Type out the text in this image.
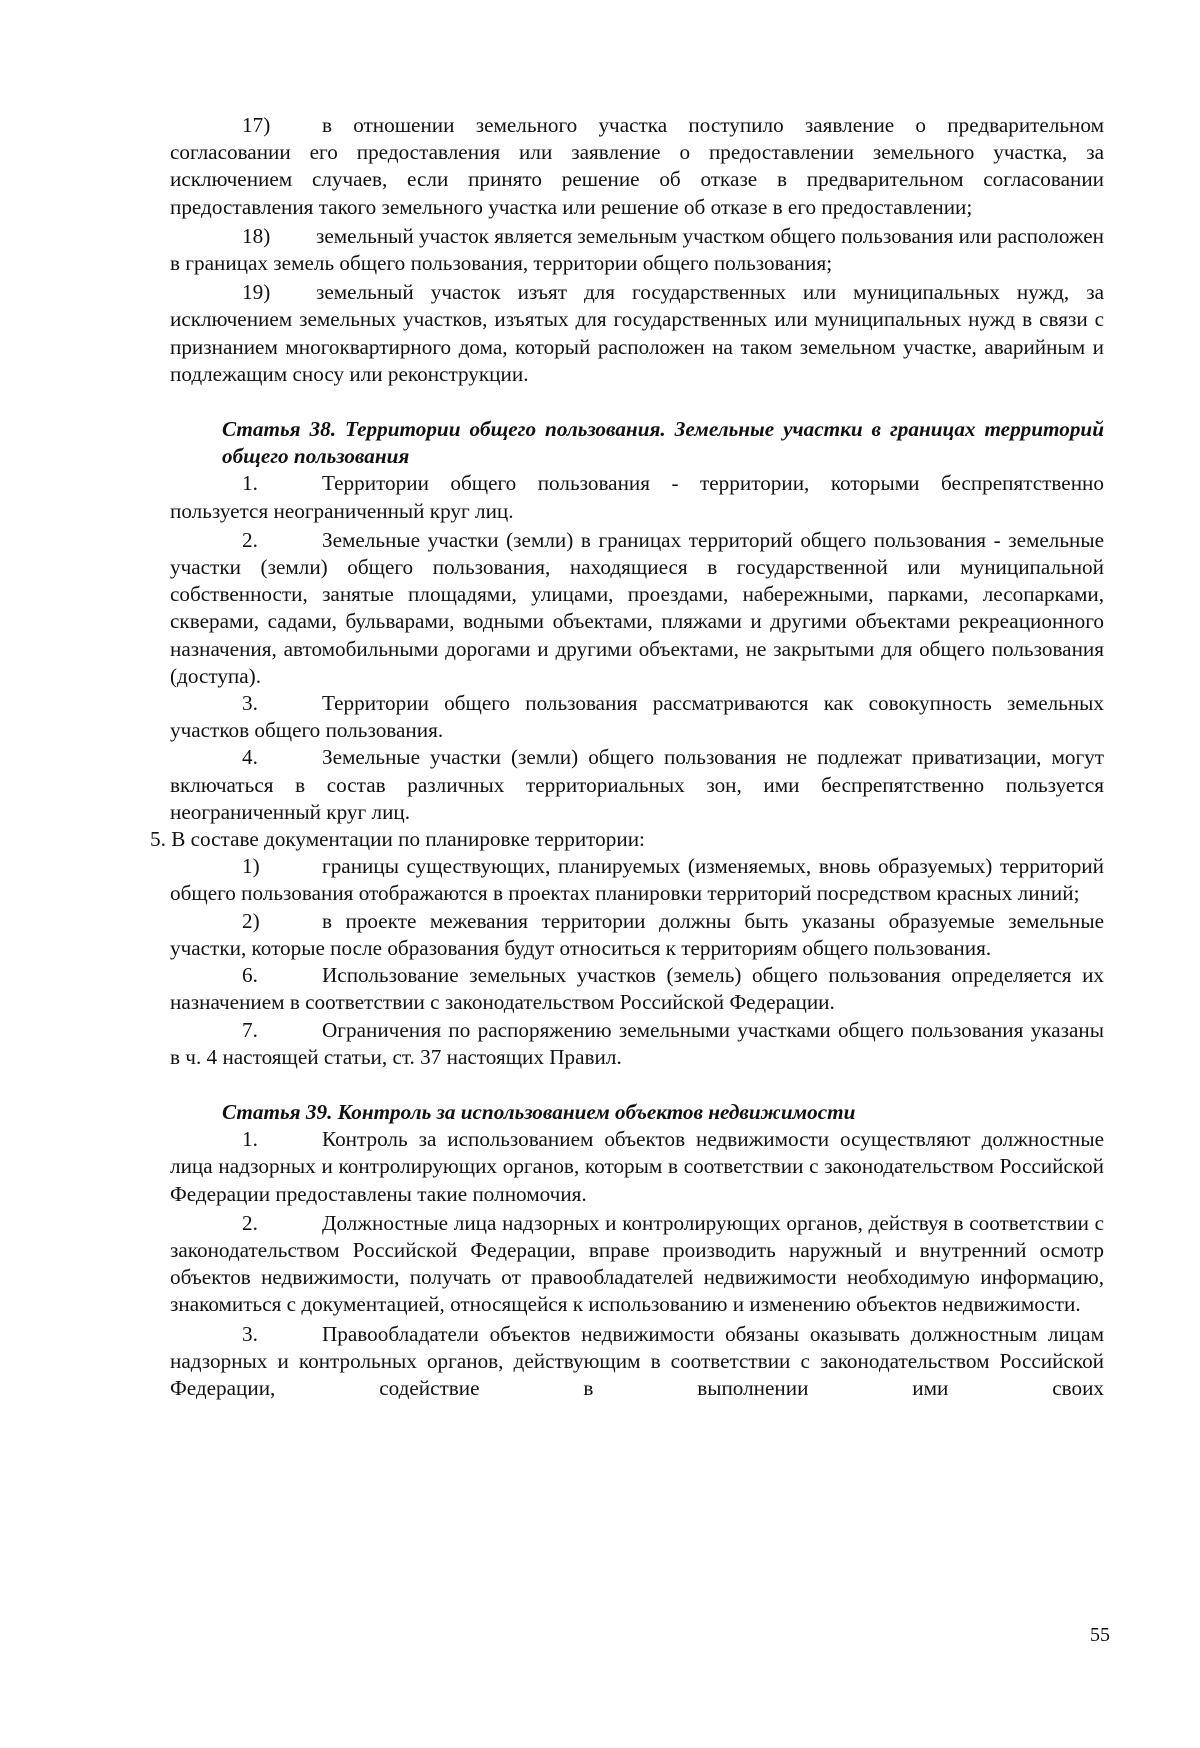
17) в отношении земельного участка поступило заявление о предварительном согласовании его предоставления или заявление о предоставлении земельного участка, за исключением случаев, если принято решение об отказе в предварительном согласовании предоставления такого земельного участка или решение об отказе в его предоставлении;

18) земельный участок является земельным участком общего пользования или расположен в границах земель общего пользования, территории общего пользования;

19) земельный участок изъят для государственных или муниципальных нужд, за исключением земельных участков, изъятых для государственных или муниципальных нужд в связи с признанием многоквартирного дома, который расположен на таком земельном участке, аварийным и подлежащим сносу или реконструкции.

Статья 38. Территории общего пользования. Земельные участки в границах территорий общего пользования

1.	Территории общего пользования - территории, которыми беспрепятственно пользуется неограниченный круг лиц.

2.	Земельные участки (земли) в границах территорий общего пользования - земельные участки (земли) общего пользования, находящиеся в государственной или муниципальной собственности, занятые площадями, улицами, проездами, набережными, парками, лесопарками, скверами, садами, бульварами, водными объектами, пляжами и другими объектами рекреационного назначения, автомобильными дорогами и другими объектами, не закрытыми для общего пользования (доступа).

3.	Территории общего пользования рассматриваются как совокупность земельных участков общего пользования.

4.	Земельные участки (земли) общего пользования не подлежат приватизации, могут включаться в состав различных территориальных зон, ими беспрепятственно пользуется неограниченный круг лиц.

5. В составе документации по планировке территории:

1)	границы существующих, планируемых (изменяемых, вновь образуемых) территорий общего пользования отображаются в проектах планировки территорий посредством красных линий;

2)	в проекте межевания территории должны быть указаны образуемые земельные участки, которые после образования будут относиться к территориям общего пользования.

6.	Использование земельных участков (земель) общего пользования определяется их назначением в соответствии с законодательством Российской Федерации.

7.	Ограничения по распоряжению земельными участками общего пользования указаны в ч. 4 настоящей статьи, ст. 37 настоящих Правил.

Статья 39. Контроль за использованием объектов недвижимости

1.	Контроль за использованием объектов недвижимости осуществляют должностные лица надзорных и контролирующих органов, которым в соответствии с законодательством Российской Федерации предоставлены такие полномочия.

2.	Должностные лица надзорных и контролирующих органов, действуя в соответствии с законодательством Российской Федерации, вправе производить наружный и внутренний осмотр объектов недвижимости, получать от правообладателей недвижимости необходимую информацию, знакомиться с документацией, относящейся к использованию и изменению объектов недвижимости.

3.	Правообладатели объектов недвижимости обязаны оказывать должностным лицам надзорных и контрольных органов, действующим в соответствии с законодательством Российской Федерации, содействие в выполнении ими своих

55
